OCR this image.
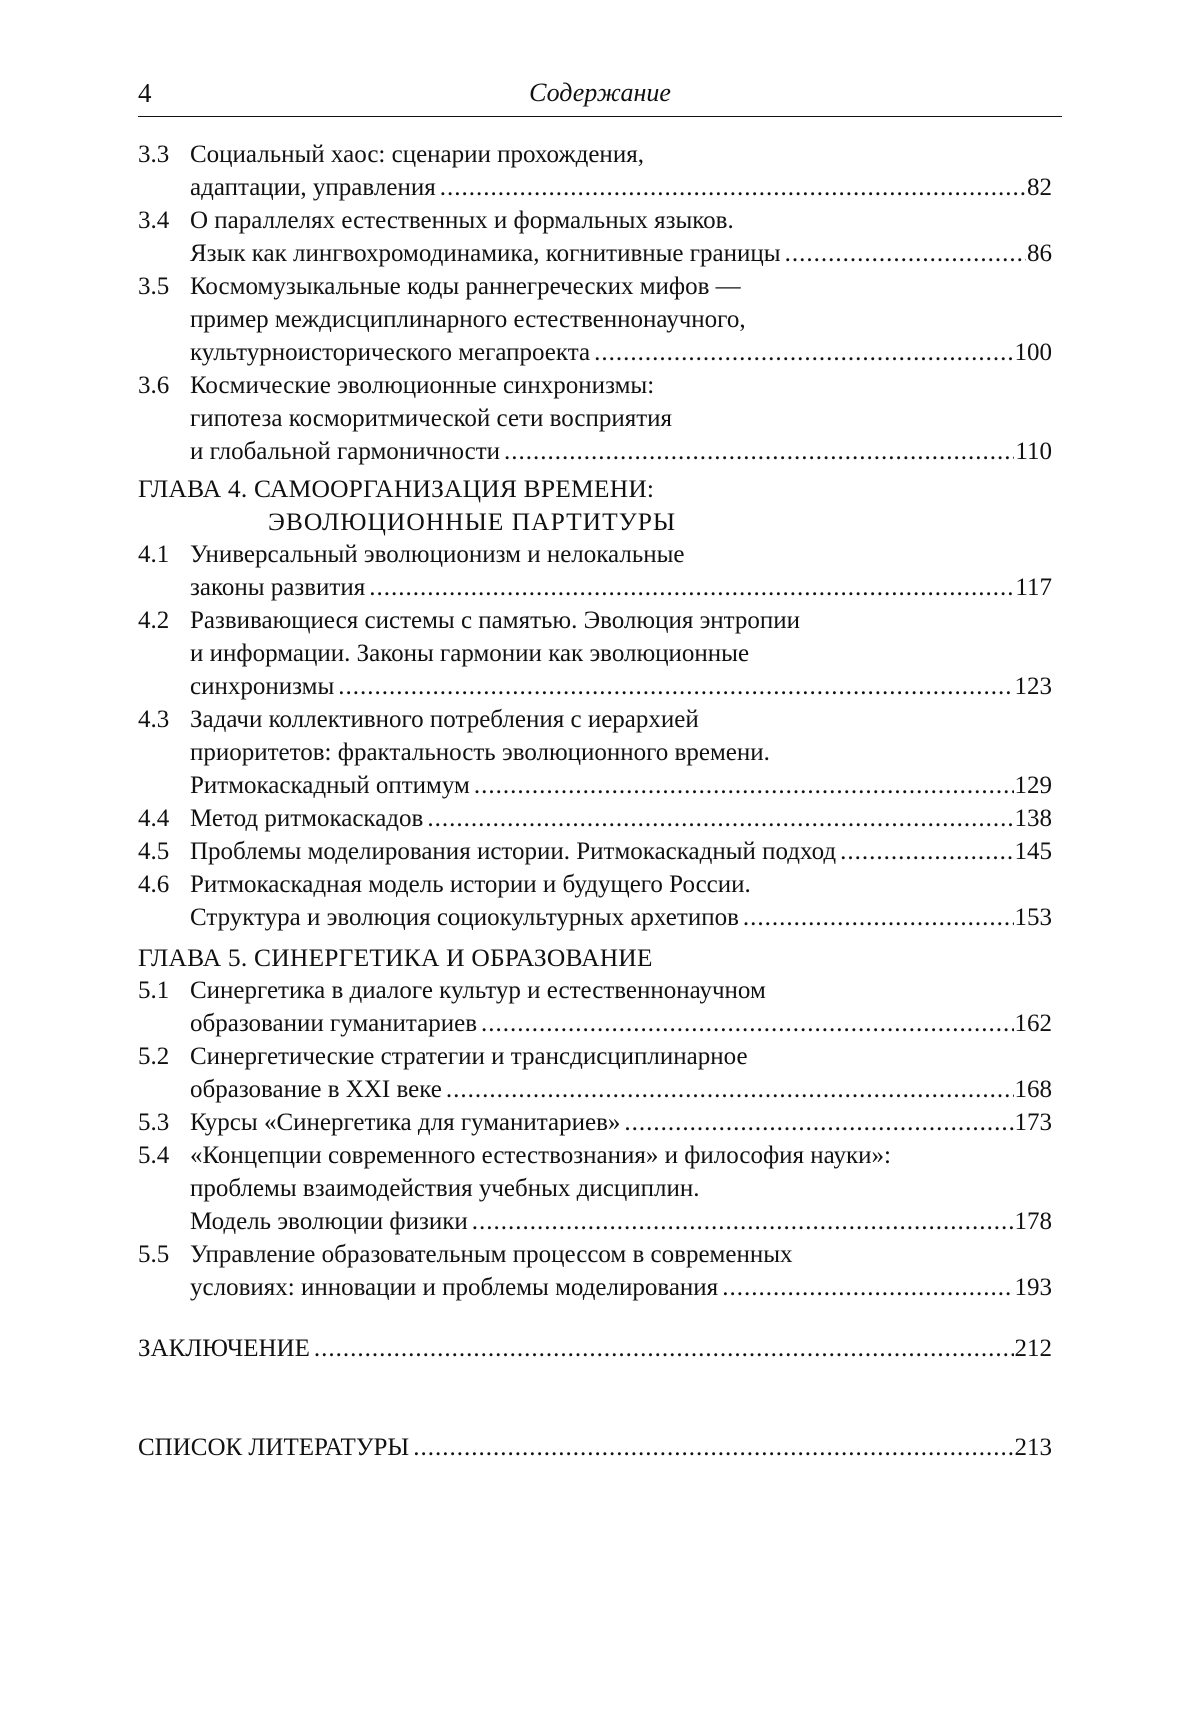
4	Содержание
3.3 Социальный хаос: сценарии прохождения,
адаптации, управления .....	82
3.4 О параллелях естественных и формальных языков.
Язык как лингвохромодинамика, когнитивные границы .....	86
3.5 Космомузыкальные коды раннегреческих мифов —
пример междисциплинарного естественнонаучного,
культурноисторического мегапроекта .....	100
3.6 Космические эволюционные синхронизмы:
гипотеза косморитмической сети восприятия
и глобальной гармоничности .....	110
ГЛАВА 4. САМООРГАНИЗАЦИЯ ВРЕМЕНИ:
ЭВОЛЮЦИОННЫЕ ПАРТИТУРЫ
4.1 Универсальный эволюционизм и нелокальные
законы развития .....	117
4.2 Развивающиеся системы с памятью. Эволюция энтропии
и информации. Законы гармонии как эволюционные
синхронизмы .....	123
4.3 Задачи коллективного потребления с иерархией
приоритетов: фрактальность эволюционного времени.
Ритмокаскадный оптимум .....	129
4.4 Метод ритмокаскадов .....	138
4.5 Проблемы моделирования истории. Ритмокаскадный подход .....	145
4.6 Ритмокаскадная модель истории и будущего России.
Структура и эволюция социокультурных архетипов .....	153
ГЛАВА 5. СИНЕРГЕТИКА И ОБРАЗОВАНИЕ
5.1 Синергетика в диалоге культур и естественнонаучном
образовании гуманитариев .....	162
5.2 Синергетические стратегии и трансдисциплинарное
образование в XXI веке .....	168
5.3 Курсы «Синергетика для гуманитариев» .....	173
5.4 «Концепции современного естествознания» и философия науки»:
проблемы взаимодействия учебных дисциплин.
Модель эволюции физики .....	178
5.5 Управление образовательным процессом в современных
условиях: инновации и проблемы моделирования .....	193
ЗАКЛЮЧЕНИЕ .....	212
СПИСОК ЛИТЕРАТУРЫ .....	213
